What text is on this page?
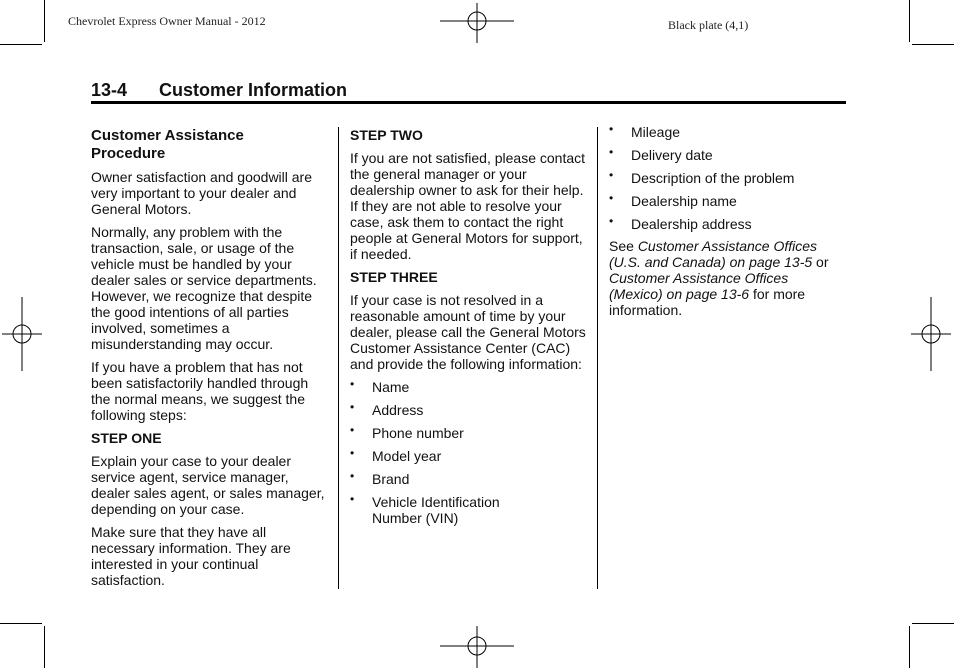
Chevrolet Express Owner Manual - 2012	Black plate (4,1)
13-4 Customer Information
Customer Assistance
Procedure

Owner satisfaction and goodwill are very important to your dealer and General Motors.

Normally, any problem with the transaction, sale, or usage of the vehicle must be handled by your dealer sales or service departments. However, we recognize that despite the good intentions of all parties involved, sometimes a misunderstanding may occur.

If you have a problem that has not been satisfactorily handled through the normal means, we suggest the following steps:

STEP ONE

Explain your case to your dealer service agent, service manager, dealer sales agent, or sales manager, depending on your case.

Make sure that they have all necessary information. They are interested in your continual satisfaction.

STEP TWO

If you are not satisfied, please contact the general manager or your dealership owner to ask for their help. If they are not able to resolve your case, ask them to contact the right people at General Motors for support, if needed.

STEP THREE

If your case is not resolved in a reasonable amount of time by your dealer, please call the General Motors Customer Assistance Center (CAC) and provide the following information:

• Name
• Address
• Phone number
• Model year
• Brand
• Vehicle Identification Number (VIN)
• Mileage
• Delivery date
• Description of the problem
• Dealership name
• Dealership address

See Customer Assistance Offices (U.S. and Canada) on page 13-5 or Customer Assistance Offices (Mexico) on page 13-6 for more information.
